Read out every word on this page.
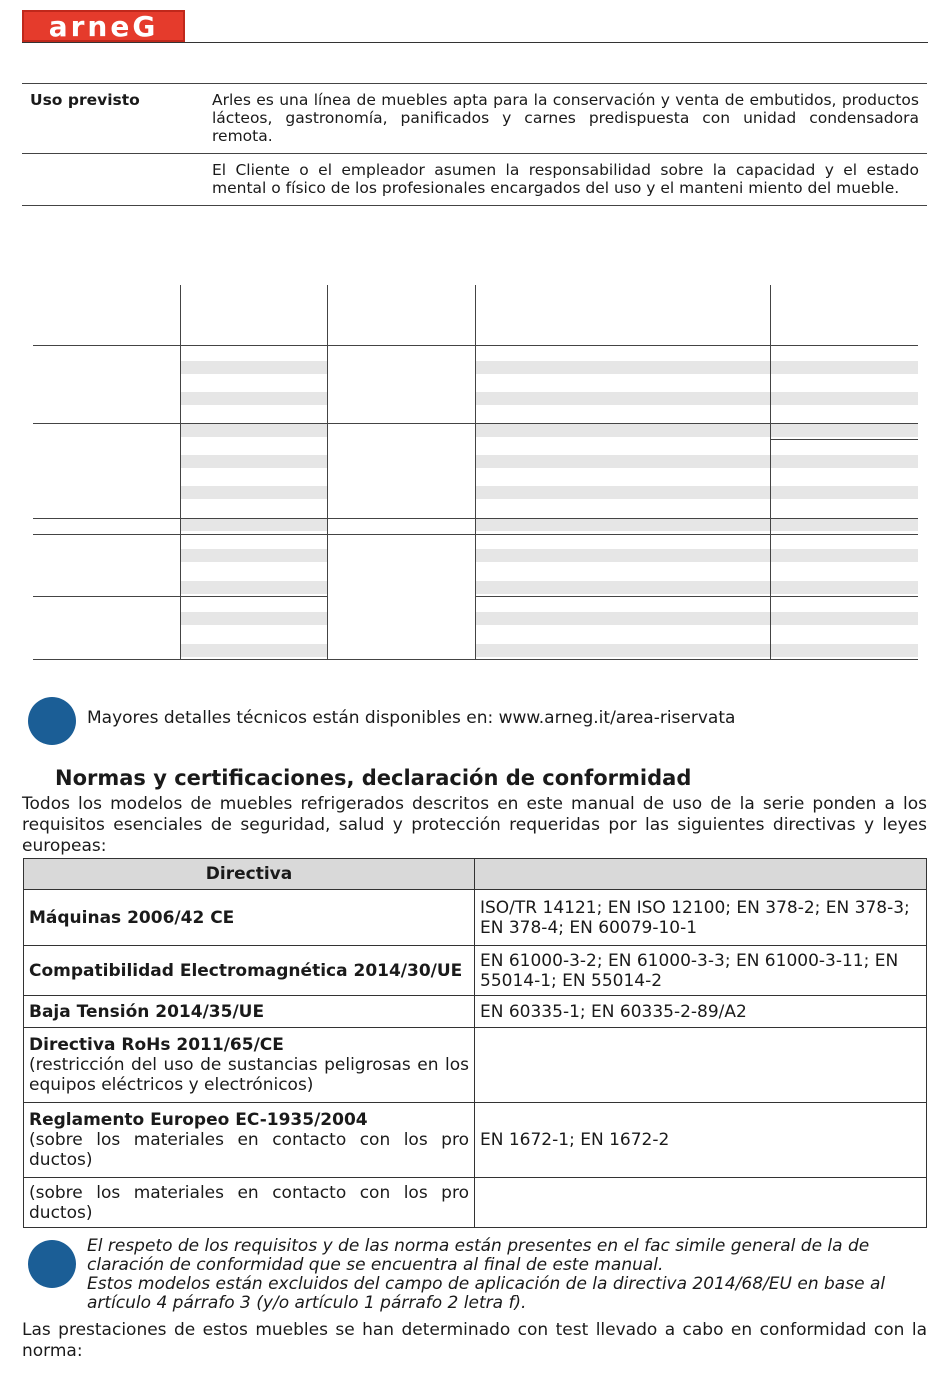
arneG
Uso previsto	Arles es una línea de muebles apta para la conservación y venta de embutidos, productos lácteos, gastronomía, panificados y carnes predispuesta con unidad condensadora remota.
	El Cliente o el empleador asumen la responsabilidad sobre la capacidad y el estado mental o físico de los profesionales encargados del uso y el manteni miento del mueble.
Mayores detalles técnicos están disponibles en: www.arneg.it/area-riservata
Normas y certificaciones, declaración de conformidad
Todos los modelos de muebles refrigerados descritos en este manual de uso de la serie ponden a los requisitos esenciales de seguridad, salud y protección requeridas por las siguientes directivas y leyes europeas:
Directiva	

Máquinas 2006/42 CE	ISO/TR 14121; EN ISO 12100; EN 378-2; EN 378-3; EN 378-4; EN 60079-10-1

Compatibilidad Electromagnética 2014/30/UE	EN 61000-3-2; EN 61000-3-3; EN 61000-3-11; EN 55014-1; EN 55014-2

Baja Tensión 2014/35/UE	EN 60335-1; EN 60335-2-89/A2

Directiva RoHs 2011/65/CE
(restricción del uso de sustancias peligrosas en los equipos eléctricos y electrónicos)	

Reglamento Europeo EC-1935/2004
(sobre los materiales en contacto con los pro ductos)	EN 1672-1; EN 1672-2

(sobre los materiales en contacto con los pro ductos)	
El respeto de los requisitos y de las norma están presentes en el fac simile general de la de claración de conformidad que se encuentra al final de este manual.
Estos modelos están excluidos del campo de aplicación de la directiva 2014/68/EU en base al artículo 4 párrafo 3 (y/o artículo 1 párrafo 2 letra f).
Las prestaciones de estos muebles se han determinado con test llevado a cabo en conformidad con la norma:
